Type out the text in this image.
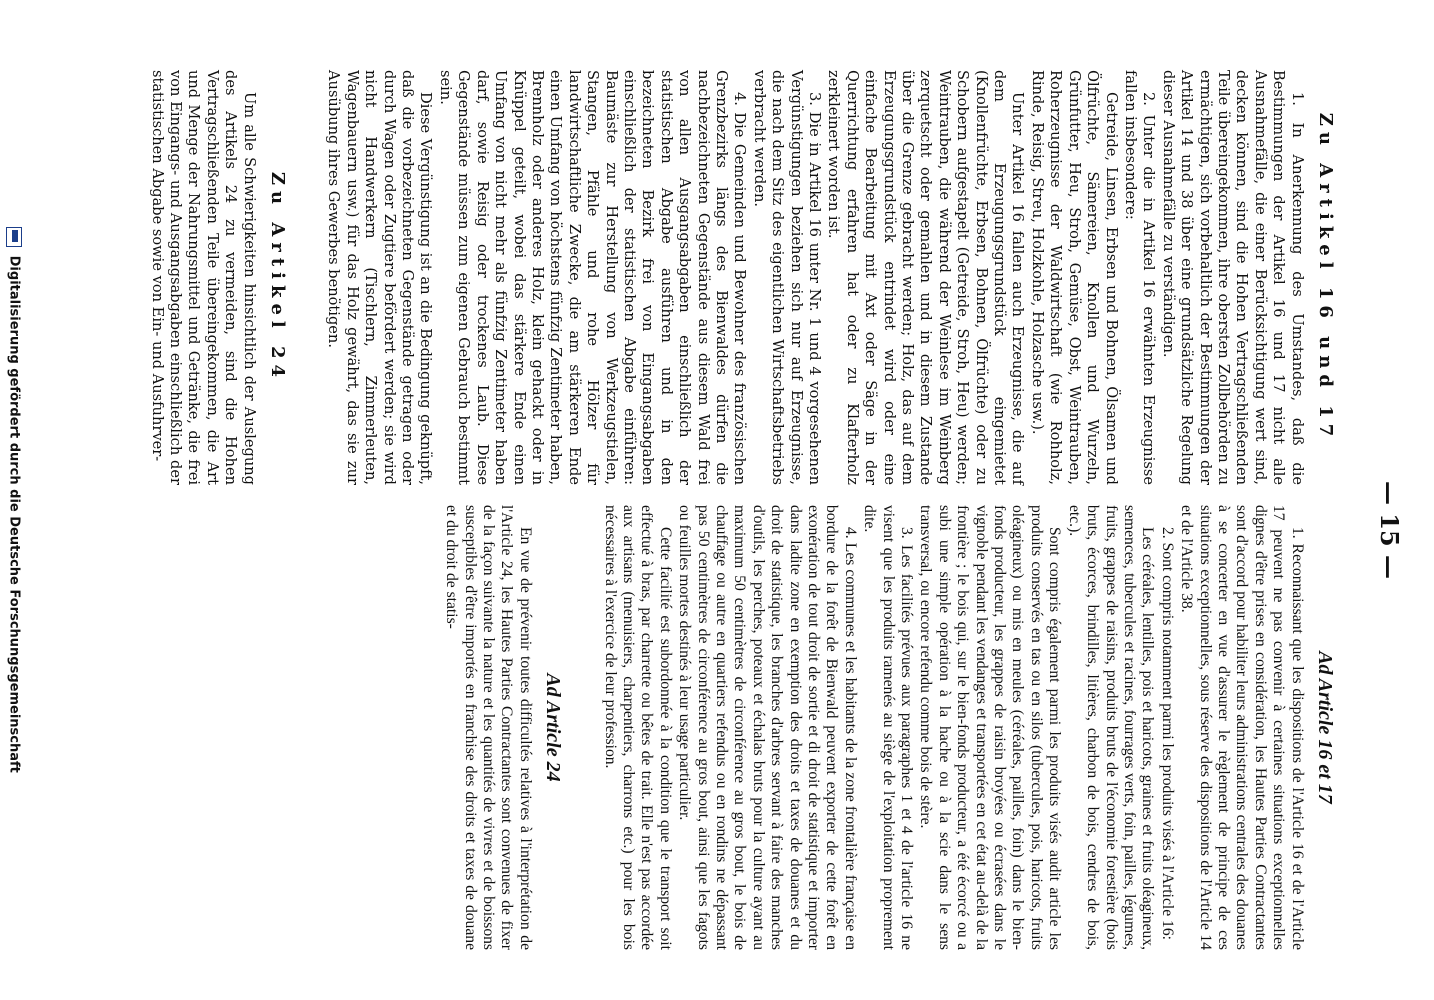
— 15 —
Ad Article 16 et 17

1. Reconnaissant que les dispositions de l'Article 16 et de l'Article 17 peuvent ne pas convenir à certaines situations exceptionnelles dignes d'être prises en considération, les Hautes Parties Contractantes sont d'accord pour habiliter leurs administrations centrales des douanes à se concerter en vue d'assurer le règlement de principe de ces situations exceptionnelles, sous réserve des dispositions de l'Article 14 et de l'Article 38.

2. Sont compris notamment parmi les produits visés à l'Article 16:

Les céréales, lentilles, pois et haricots, graines et fruits oléagineux, semences, tubercules et racines, fourrages verts, foin, pailles, légumes, fruits, grappes de raisins, produits bruts de l'économie forestière (bois bruts, écorces, brindilles, litières, charbon de bois, cendres de bois, etc.).

Sont compris également parmi les produits visés audit article les produits conservés en tas ou en silos (tubercules, pois, haricots, fruits oléagineux) ou mis en meules (céréales, pailles, foin) dans le bien-fonds producteur, les grappes de raisin broyées ou écrasées dans le vignoble pendant les vendanges et transportées en cet état au-delà de la frontière ; le bois qui, sur le bien-fonds producteur, a été écorcé ou a subi une simple opération à la hache ou à la scie dans le sens transversal, ou encore refendu comme bois de stère.

3. Les facilités prévues aux paragraphes 1 et 4 de l'article 16 ne visent que les produits ramenés au siège de l'exploitation proprement dite.

4. Les communes et les habitants de la zone frontalière française en bordure de la forêt de Bienwald peuvent exporter de cette forêt en exonération de tout droit de sortie et di droit de statistique et importer dans ladite zone en exemption des droits et taxes de douanes et du droit de statistique, les branches d'arbres servant à faire des manches d'outils, les perches, poteaux et échalas bruts pour la culture ayant au maximum 50 centimètres de circonférence au gros bout, le bois de chauffage ou autre en quartiers refendus ou en rondins ne dépassant pas 50 centimètres de circonférence au gros bout, ainsi que les fagots ou feuilles mortes destinés à leur usage particulier.

Cette facilité est subordonnée à la condition que le transport soit effectué à bras, par charrette ou bêtes de trait. Elle n'est pas accordée aux artisans (menuisiers, charpentiers, charrons etc.) pour les bois nécessaires à l'exercice de leur profession.

Ad Article 24

En vue de prévenir toutes difficultés relatives à l'interprétation de l'Article 24, les Hautes Parties Contractantes sont convenues de fixer de la façon suivante la nature et les quantités de vivres et de boissons susceptibles d'être importés en franchise des droits et taxes de douane et du droit de statis-

Zu Artikel 16 und 17

1. In Anerkennung des Umstandes, daß die Bestimmungen der Artikel 16 und 17 nicht alle Ausnahmefälle, die einer Berücksichtigung wert sind, decken können, sind die Hohen Vertragschließenden Teile übereingekommen, ihre obersten Zollbehörden zu ermächtigen, sich vorbehaltlich der Bestimmungen der Artikel 14 und 38 über eine grundsätzliche Regelung dieser Ausnahmefälle zu verständigen.

2. Unter die in Artikel 16 erwähnten Erzeugnisse fallen insbesondere:

Getreide, Linsen, Erbsen und Bohnen, Ölsamen und Ölfrüchte, Sämereien, Knollen und Wurzeln, Grünfutter, Heu, Stroh, Gemüse, Obst, Weintrauben, Roherzeugnisse der Waldwirtschaft (wie Rohholz, Rinde, Reisig, Streu, Holzkohle, Holzasche usw.).

Unter Artikel 16 fallen auch Erzeugnisse, die auf dem Erzeugungsgrundstück eingemietet (Knollenfrüchte, Erbsen, Bohnen, Ölfrüchte) oder zu Schobern aufgestapelt (Getreide, Stroh, Heu) werden; Weintrauben, die während der Weinlese im Weinberg zerquetscht oder gemahlen und in diesem Zustande über die Grenze gebracht werden; Holz, das auf dem Erzeugungsgrundstück entrindet wird oder eine einfache Bearbeitung mit Axt oder Säge in der Querrichtung erfahren hat oder zu Klafterholz zerkleinert worden ist.

3. Die in Artikel 16 unter Nr. 1 und 4 vorgesehenen Vergünstigungen beziehen sich nur auf Erzeugnisse, die nach dem Sitz des eigentlichen Wirtschaftsbetriebs verbracht werden.

4. Die Gemeinden und Bewohner des französischen Grenzbezirks längs des Bienwaldes dürfen die nachbezeichneten Gegenstände aus diesem Wald frei von allen Ausgangsabgaben einschließlich der statistischen Abgabe ausführen und in den bezeichneten Bezirk frei von Eingangsabgaben einschließlich der statistischen Abgabe einführen: Baumäste zur Herstellung von Werkzeugstielen, Stangen, Pfähle und rohe Hölzer für landwirtschaftliche Zwecke, die am stärkeren Ende einen Umfang von höchstens fünfzig Zentimeter haben, Brennholz oder anderes Holz, klein gehackt oder in Knüppel geteilt, wobei das stärkere Ende einen Umfang von nicht mehr als fünfzig Zentimeter haben darf, sowie Reisig oder trockenes Laub. Diese Gegenstände müssen zum eigenen Gebrauch bestimmt sein.

Diese Vergünstigung ist an die Bedingung geknüpft, daß die vorbezeichneten Gegenstände getragen oder durch Wagen oder Zugtiere befördert werden; sie wird nicht Handwerkern (Tischlern, Zimmerleuten, Wagenbauern usw.) für das Holz gewährt, das sie zur Ausübung ihres Gewerbes benötigen.

Zu Artikel 24

Um alle Schwierigkeiten hinsichtlich der Auslegung des Artikels 24 zu vermeiden, sind die Hohen Vertragschließenden Teile übereingekommen, die Art und Menge der Nahrungsmittel und Getränke, die frei von Eingangs- und Ausgangsabgaben einschließlich der statistischen Abgabe sowie von Ein- und Ausfuhrver-

Digitalisierung gefördert durch die Deutsche Forschungsgemeinschaft
